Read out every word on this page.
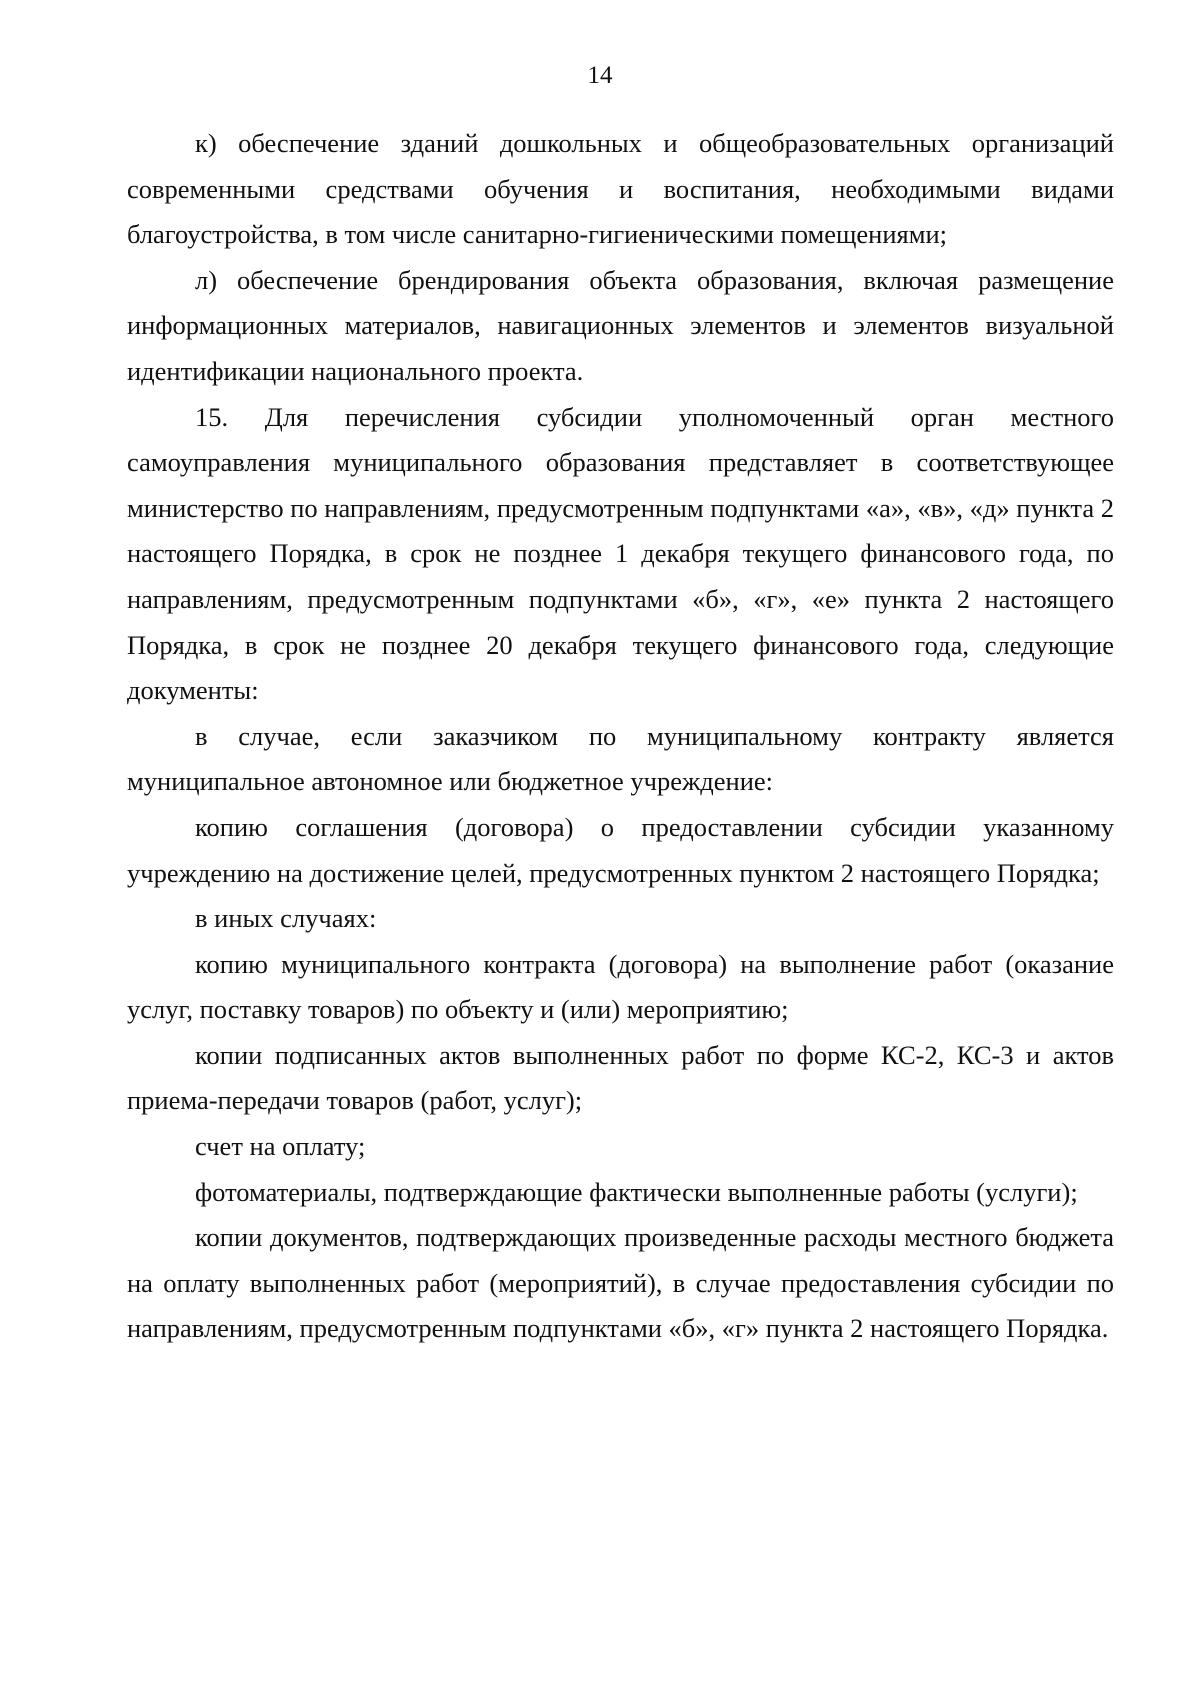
14

к) обеспечение зданий дошкольных и общеобразовательных организаций современными средствами обучения и воспитания, необходимыми видами благоустройства, в том числе санитарно-гигиеническими помещениями;

л) обеспечение брендирования объекта образования, включая размещение информационных материалов, навигационных элементов и элементов визуальной идентификации национального проекта.

15. Для перечисления субсидии уполномоченный орган местного самоуправления муниципального образования представляет в соответствующее министерство по направлениям, предусмотренным подпунктами «а», «в», «д» пункта 2 настоящего Порядка, в срок не позднее 1 декабря текущего финансового года, по направлениям, предусмотренным подпунктами «б», «г», «е» пункта 2 настоящего Порядка, в срок не позднее 20 декабря текущего финансового года, следующие документы:

в случае, если заказчиком по муниципальному контракту является муниципальное автономное или бюджетное учреждение:

копию соглашения (договора) о предоставлении субсидии указанному учреждению на достижение целей, предусмотренных пунктом 2 настоящего Порядка;

в иных случаях:

копию муниципального контракта (договора) на выполнение работ (оказание услуг, поставку товаров) по объекту и (или) мероприятию;

копии подписанных актов выполненных работ по форме КС-2, КС-3 и актов приема-передачи товаров (работ, услуг);

счет на оплату;

фотоматериалы, подтверждающие фактически выполненные работы (услуги);

копии документов, подтверждающих произведенные расходы местного бюджета на оплату выполненных работ (мероприятий), в случае предоставления субсидии по направлениям, предусмотренным подпунктами «б», «г» пункта 2 настоящего Порядка.
